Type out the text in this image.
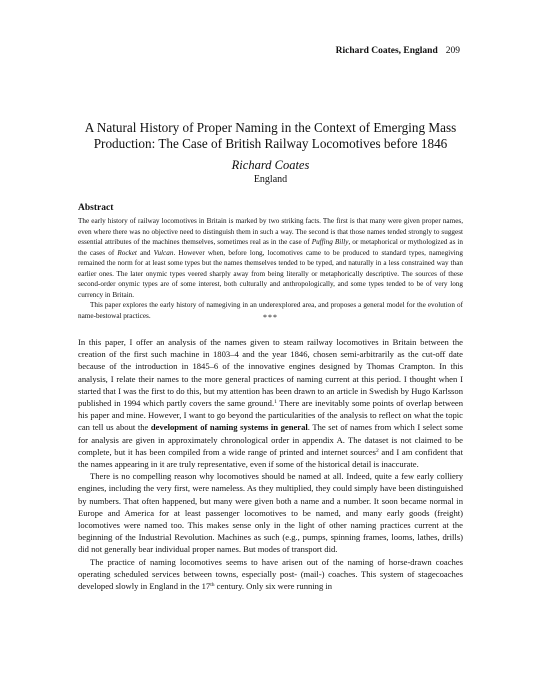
Richard Coates, England 209
A Natural History of Proper Naming in the Context of Emerging Mass Production: The Case of British Railway Locomotives before 1846
Richard Coates
England
Abstract

The early history of railway locomotives in Britain is marked by two striking facts. The first is that many were given proper names, even where there was no objective need to distinguish them in such a way. The second is that those names tended strongly to suggest essential attributes of the machines themselves, sometimes real as in the case of Puffing Billy, or metaphorical or mythologized as in the cases of Rocket and Vulcan. However when, before long, locomotives came to be produced to standard types, namegiving remained the norm for at least some types but the names themselves tended to be typed, and naturally in a less constrained way than earlier ones. The later onymic types veered sharply away from being literally or metaphorically descriptive. The sources of these second-order onymic types are of some interest, both culturally and anthropologically, and some types tended to be of very long currency in Britain.

This paper explores the early history of namegiving in an underexplored area, and proposes a general model for the evolution of name-bestowal practices.	***

In this paper, I offer an analysis of the names given to steam railway locomotives in Britain between the creation of the first such machine in 1803–4 and the year 1846, chosen semi-arbitrarily as the cut-off date because of the introduction in 1845–6 of the innovative engines designed by Thomas Crampton. In this analysis, I relate their names to the more general practices of naming current at this period. I thought when I started that I was the first to do this, but my attention has been drawn to an article in Swedish by Hugo Karlsson published in 1994 which partly covers the same ground.$^1$ There are inevitably some points of overlap between his paper and mine. However, I want to go beyond the particularities of the analysis to reflect on what the topic can tell us about the development of naming systems in general. The set of names from which I select some for analysis are given in approximately chronological order in appendix A. The dataset is not claimed to be complete, but it has been compiled from a wide range of printed and internet sources$^2$ and I am confident that the names appearing in it are truly representative, even if some of the historical detail is inaccurate.

There is no compelling reason why locomotives should be named at all. Indeed, quite a few early colliery engines, including the very first, were nameless. As they multiplied, they could simply have been distinguished by numbers. That often happened, but many were given both a name and a number. It soon became normal in Europe and America for at least passenger locomotives to be named, and many early goods (freight) locomotives were named too. This makes sense only in the light of other naming practices current at the beginning of the Industrial Revolution. Machines as such (e.g., pumps, spinning frames, looms, lathes, drills) did not generally bear individual proper names. But modes of transport did.

The practice of naming locomotives seems to have arisen out of the naming of horse-drawn coaches operating scheduled services between towns, especially post- (mail-) coaches. This system of stagecoaches developed slowly in England in the 17th century. Only six were running in
